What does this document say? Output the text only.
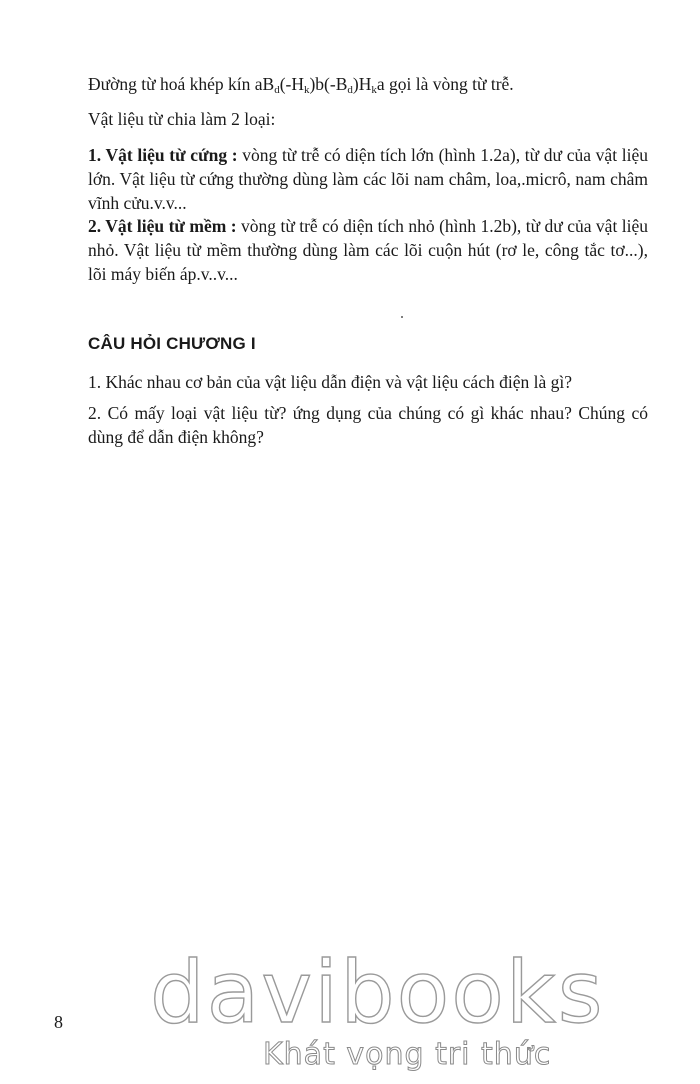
Đường từ hoá khép kín $aB_d(-H_k)b(-B_d)H_ka$ gọi là vòng từ trễ.

Vật liệu từ chia làm 2 loại:

1. Vật liệu từ cứng : vòng từ trễ có diện tích lớn (hình 1.2a), từ dư của vật liệu lớn. Vật liệu từ cứng thường dùng làm các lõi nam châm, loa,.micrô, nam châm vĩnh cửu.v.v...

2. Vật liệu từ mềm : vòng từ trễ có diện tích nhỏ (hình 1.2b), từ dư của vật liệu nhỏ. Vật liệu từ mềm thường dùng làm các lõi cuộn hút (rơ le, công tắc tơ...), lõi máy biến áp.v..v...

CÂU HỎI CHƯƠNG I

1. Khác nhau cơ bản của vật liệu dẫn điện và vật liệu cách điện là gì?

2. Có mấy loại vật liệu từ? ứng dụng của chúng có gì khác nhau? Chúng có dùng để dẫn điện không?

8 davibooks
Khát vọng tri thức
